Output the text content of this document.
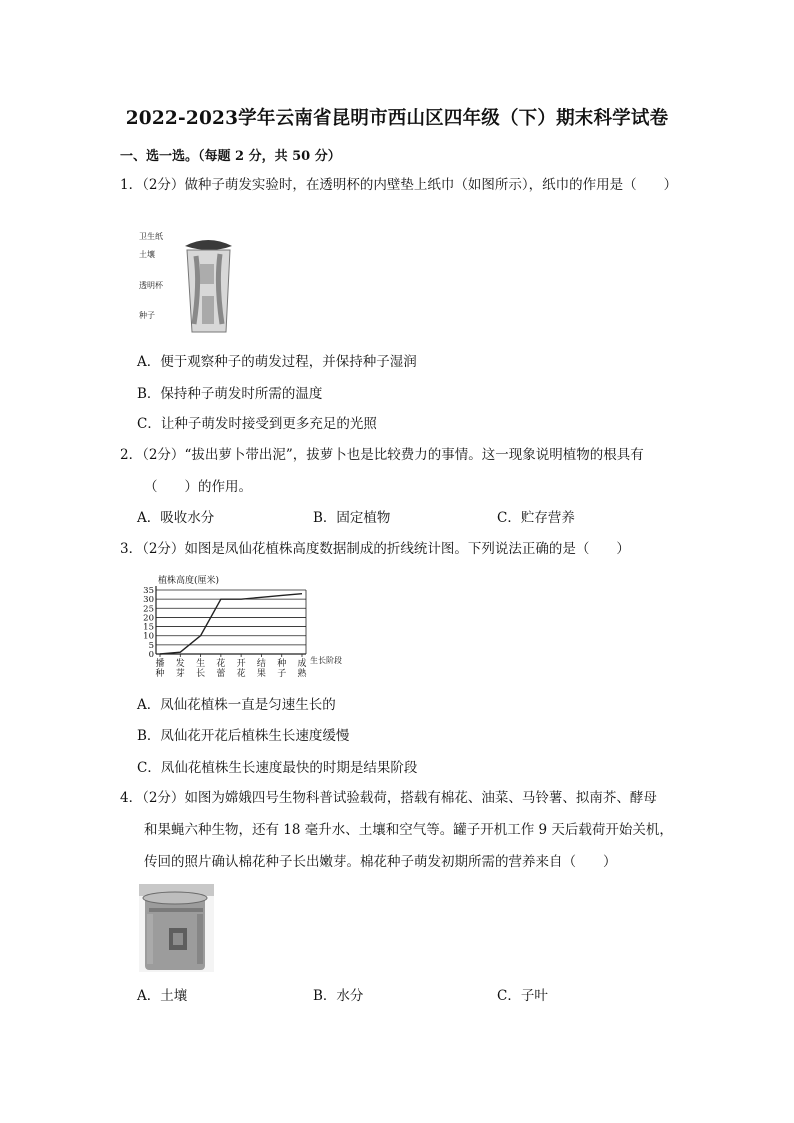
2022-2023学年云南省昆明市西山区四年级（下）期末科学试卷
一、选一选。（每题 2 分，共 50 分）
1．（2分）做种子萌发实验时，在透明杯的内壁垫上纸巾（如图所示），纸巾的作用是（　　）
卫生纸
土壤
透明杯
种子
A．便于观察种子的萌发过程，并保持种子湿润
B．保持种子萌发时所需的温度
C．让种子萌发时接受到更多充足的光照
2．（2分）“拔出萝卜带出泥”，拔萝卜也是比较费力的事情。这一现象说明植物的根具有
（　　）的作用。
A．吸收水分	B．固定植物	C．贮存营养
3．（2分）如图是凤仙花植株高度数据制成的折线统计图。下列说法正确的是（　　）
植株高度(厘米)
生长阶段
0
5
10
15
20
25
30
35
播
种
发
芽
生
长
花
蕾
开
花
结
果
种
子
成
熟
A．凤仙花植株一直是匀速生长的
B．凤仙花开花后植株生长速度缓慢
C．凤仙花植株生长速度最快的时期是结果阶段
4．（2分）如图为嫦娥四号生物科普试验载荷，搭载有棉花、油菜、马铃薯、拟南芥、酵母
和果蝇六种生物，还有 18 毫升水、土壤和空气等。罐子开机工作 9 天后载荷开始关机，
传回的照片确认棉花种子长出嫩芽。棉花种子萌发初期所需的营养来自（　　）
A．土壤	B．水分	C．子叶
